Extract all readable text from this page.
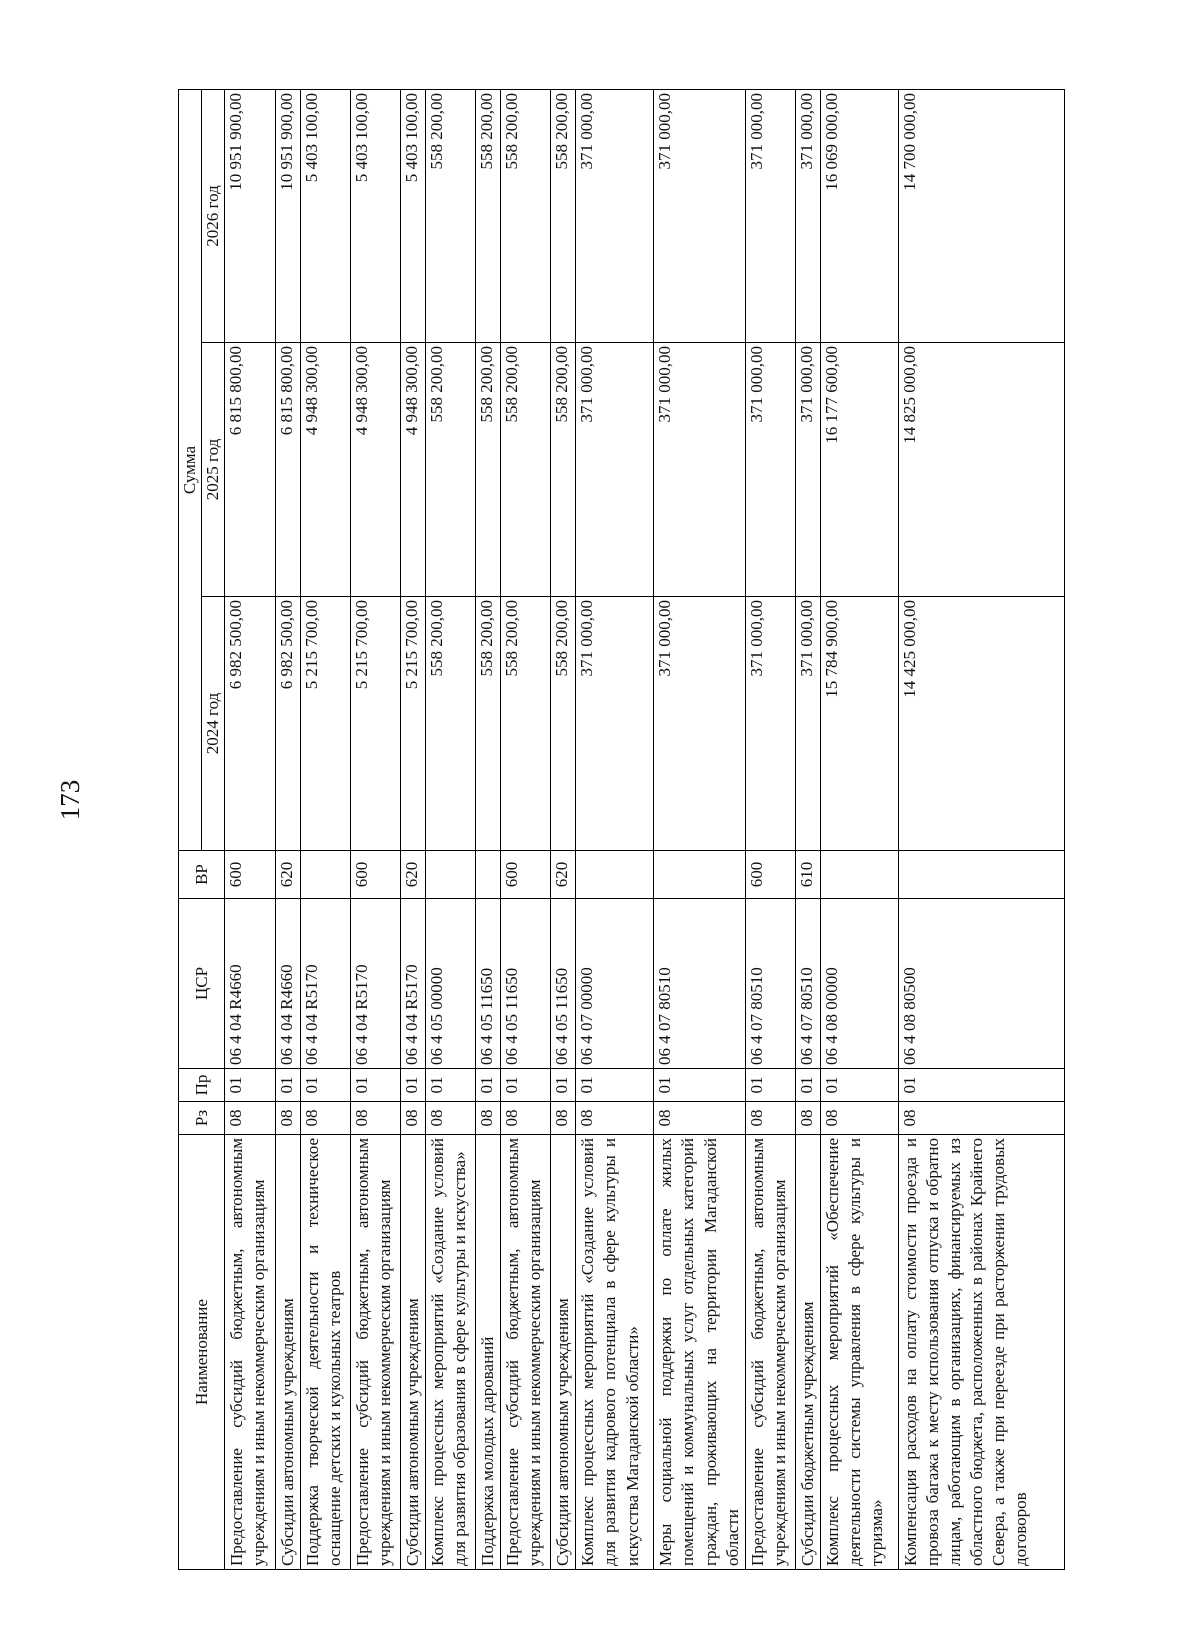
173
Наименование	Рз	Пр	ЦСР	ВР	Сумма		
					2024 год	2025 год	2026 год
Предоставление субсидий бюджетным, автономным учреждениям и иным некоммерческим организациям	08	01	06 4 04 R4660	600	6 982 500,00	6 815 800,00	10 951 900,00
Субсидии автономным учреждениям	08	01	06 4 04 R4660	620	6 982 500,00	6 815 800,00	10 951 900,00
Поддержка творческой деятельности и техническое оснащение детских и кукольных театров	08	01	06 4 04 R5170		5 215 700,00	4 948 300,00	5 403 100,00
Предоставление субсидий бюджетным, автономным учреждениям и иным некоммерческим организациям	08	01	06 4 04 R5170	600	5 215 700,00	4 948 300,00	5 403 100,00
Субсидии автономным учреждениям	08	01	06 4 04 R5170	620	5 215 700,00	4 948 300,00	5 403 100,00
Комплекс процессных мероприятий «Создание условий для развития образования в сфере культуры и искусства»	08	01	06 4 05 00000		558 200,00	558 200,00	558 200,00
Поддержка молодых дарований	08	01	06 4 05 11650		558 200,00	558 200,00	558 200,00
Предоставление субсидий бюджетным, автономным учреждениям и иным некоммерческим организациям	08	01	06 4 05 11650	600	558 200,00	558 200,00	558 200,00
Субсидии автономным учреждениям	08	01	06 4 05 11650	620	558 200,00	558 200,00	558 200,00
Комплекс процессных мероприятий «Создание условий для развития кадрового потенциала в сфере культуры и искусства Магаданской области»	08	01	06 4 07 00000		371 000,00	371 000,00	371 000,00
Меры социальной поддержки по оплате жилых помещений и коммунальных услуг отдельных категорий граждан, проживающих на территории Магаданской области	08	01	06 4 07 80510		371 000,00	371 000,00	371 000,00
Предоставление субсидий бюджетным, автономным учреждениям и иным некоммерческим организациям	08	01	06 4 07 80510	600	371 000,00	371 000,00	371 000,00
Субсидии бюджетным учреждениям	08	01	06 4 07 80510	610	371 000,00	371 000,00	371 000,00
Комплекс процессных мероприятий «Обеспечение деятельности системы управления в сфере культуры и туризма»	08	01	06 4 08 00000		15 784 900,00	16 177 600,00	16 069 000,00
Компенсация расходов на оплату стоимости проезда и провоза багажа к месту использования отпуска и обратно лицам, работающим в организациях, финансируемых из областного бюджета, расположенных в районах Крайнего Севера, а также при переезде при расторжении трудовых договоров	08	01	06 4 08 80500		14 425 000,00	14 825 000,00	14 700 000,00
